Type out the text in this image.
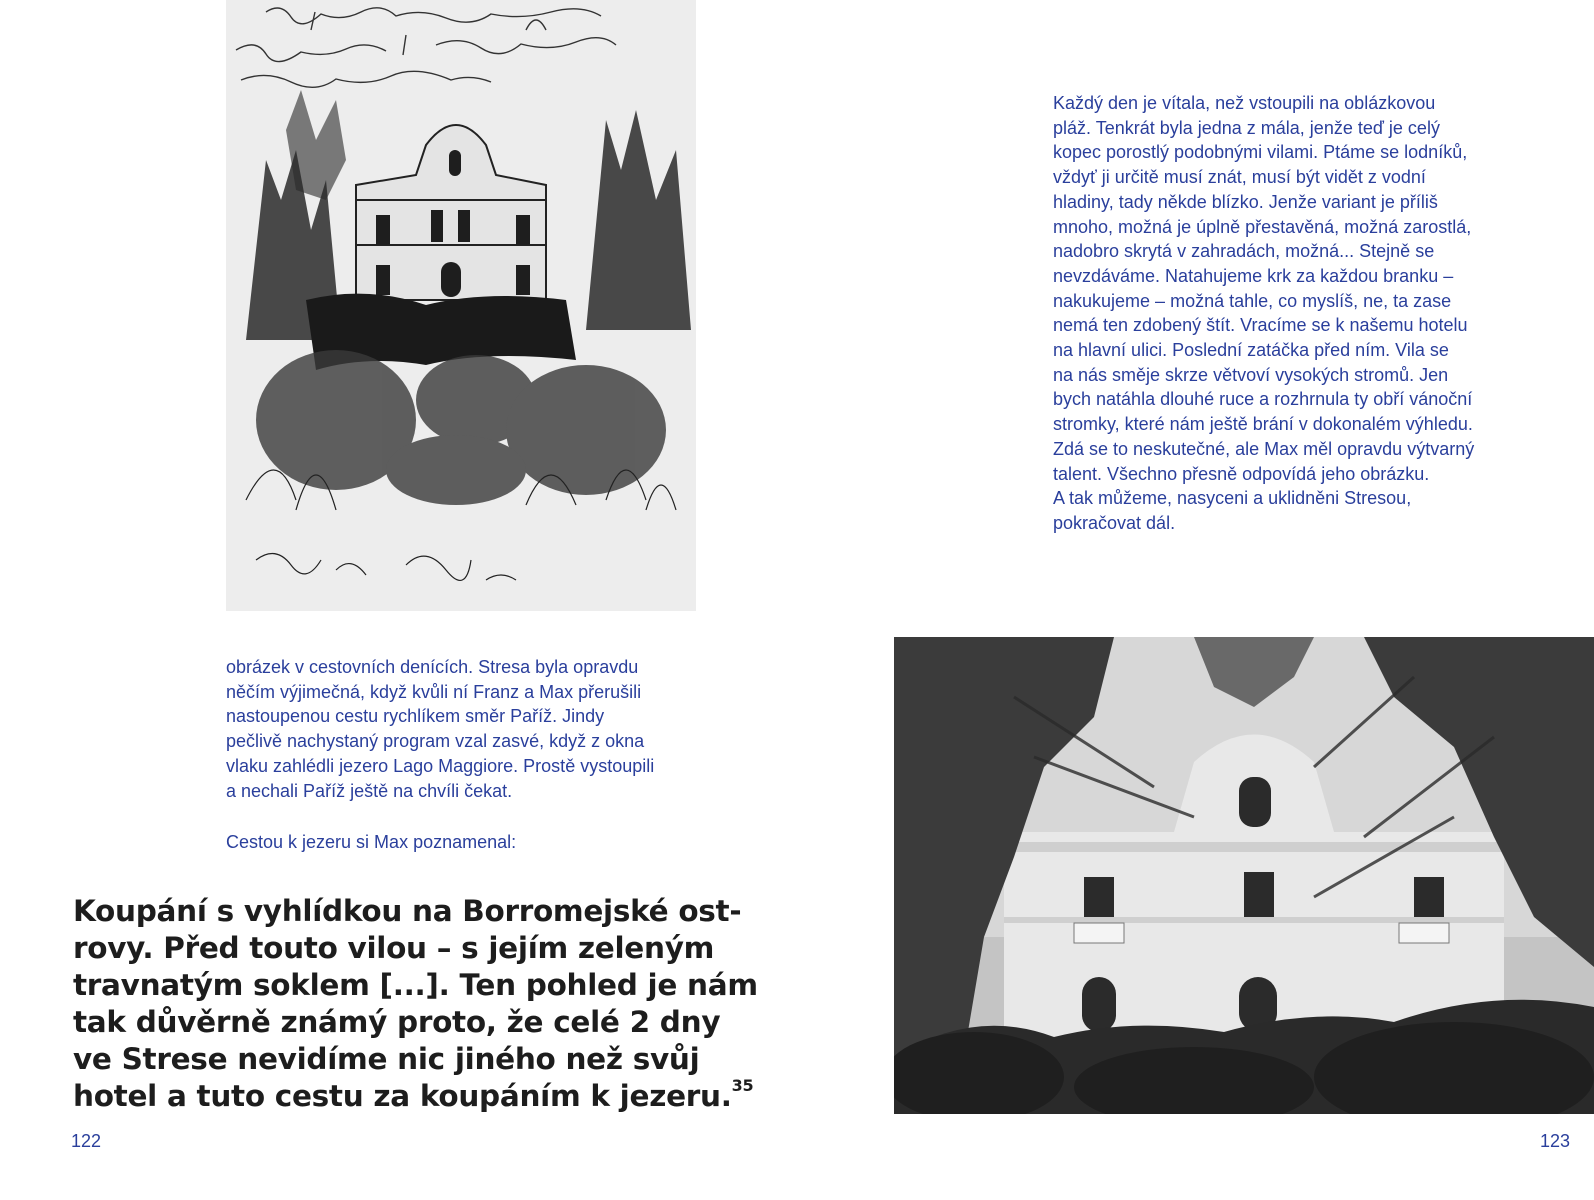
Každý den je vítala, než vstoupili na oblázkovou
pláž. Tenkrát byla jedna z mála, jenže teď je celý
kopec porostlý podobnými vilami. Ptáme se lodníků,
vždyť ji určitě musí znát, musí být vidět z vodní
hladiny, tady někde blízko. Jenže variant je příliš
mnoho, možná je úplně přestavěná, možná zarostlá,
nadobro skrytá v zahradách, možná... Stejně se
nevzdáváme. Natahujeme krk za každou branku –
nakukujeme – možná tahle, co myslíš, ne, ta zase
nemá ten zdobený štít. Vracíme se k našemu hotelu
na hlavní ulici. Poslední zatáčka před ním. Vila se
na nás směje skrze větvoví vysokých stromů. Jen
bych natáhla dlouhé ruce a rozhrnula ty obří vánoční
stromky, které nám ještě brání v dokonalém výhledu.
Zdá se to neskutečné, ale Max měl opravdu výtvarný
talent. Všechno přesně odpovídá jeho obrázku.
A tak můžeme, nasyceni a uklidněni Stresou,
pokračovat dál.

obrázek v cestovních denících. Stresa byla opravdu
něčím výjimečná, když kvůli ní Franz a Max přerušili
nastoupenou cestu rychlíkem směr Paříž. Jindy
pečlivě nachystaný program vzal zasvé, když z okna
vlaku zahlédli jezero Lago Maggiore. Prostě vystoupili
a nechali Paříž ještě na chvíli čekat.

Cestou k jezeru si Max poznamenal:

Koupání s vyhlídkou na Borromejské ost-
rovy. Před touto vilou – s jejím zeleným
travnatým soklem [...]. Ten pohled je nám
tak důvěrně známý proto, že celé 2 dny
ve Strese nevidíme nic jiného než svůj
hotel a tuto cestu za koupáním k jezeru.$^{35}$

122	123
